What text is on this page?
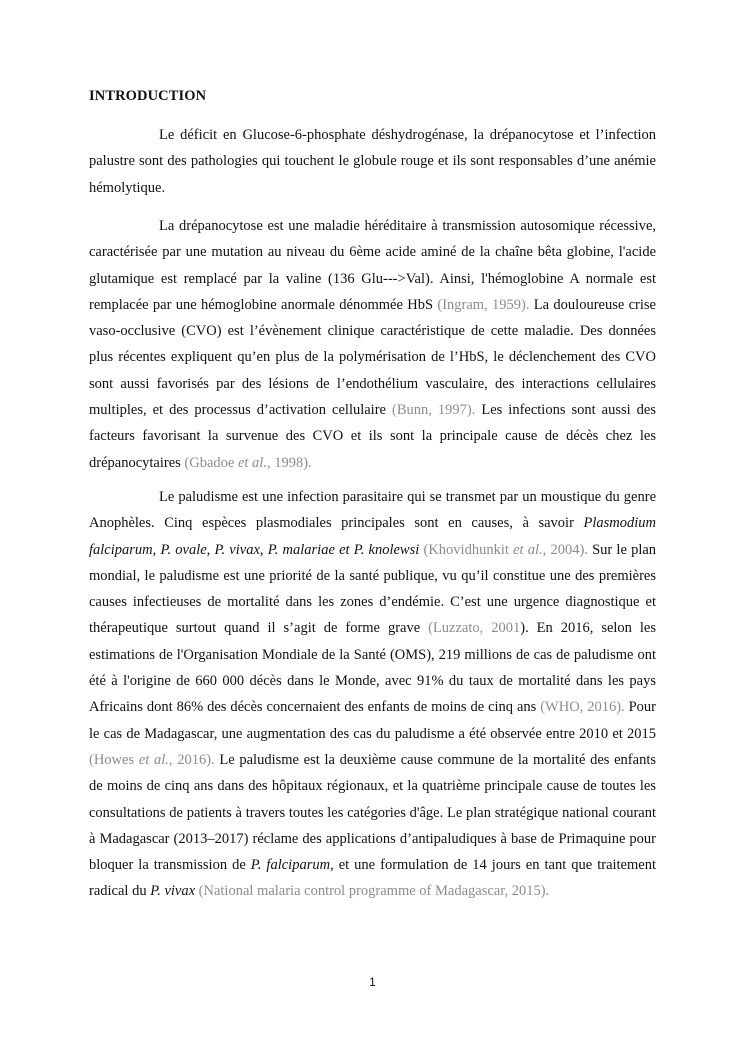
INTRODUCTION

Le déficit en Glucose-6-phosphate déshydrogénase, la drépanocytose et l’infection palustre sont des pathologies qui touchent le globule rouge et ils sont responsables d’une anémie hémolytique.

La drépanocytose est une maladie héréditaire à transmission autosomique récessive, caractérisée par une mutation au niveau du 6ème acide aminé de la chaîne bêta globine, l'acide glutamique est remplacé par la valine (136 Glu--->Val). Ainsi, l'hémoglobine A normale est remplacée par une hémoglobine anormale dénommée HbS (Ingram, 1959). La douloureuse crise vaso-occlusive (CVO) est l’évènement clinique caractéristique de cette maladie. Des données plus récentes expliquent qu’en plus de la polymérisation de l’HbS, le déclenchement des CVO sont aussi favorisés par des lésions de l’endothélium vasculaire, des interactions cellulaires multiples, et des processus d’activation cellulaire (Bunn, 1997). Les infections sont aussi des facteurs favorisant la survenue des CVO et ils sont la principale cause de décès chez les drépanocytaires (Gbadoe et al., 1998).

Le paludisme est une infection parasitaire qui se transmet par un moustique du genre Anophèles. Cinq espèces plasmodiales principales sont en causes, à savoir Plasmodium falciparum, P. ovale, P. vivax, P. malariae et P. knolewsi (Khovidhunkit et al., 2004). Sur le plan mondial, le paludisme est une priorité de la santé publique, vu qu’il constitue une des premières causes infectieuses de mortalité dans les zones d’endémie. C’est une urgence diagnostique et thérapeutique surtout quand il s’agit de forme grave (Luzzato, 2001). En 2016, selon les estimations de l'Organisation Mondiale de la Santé (OMS), 219 millions de cas de paludisme ont été à l'origine de 660 000 décès dans le Monde, avec 91% du taux de mortalité dans les pays Africains dont 86% des décès concernaient des enfants de moins de cinq ans (WHO, 2016). Pour le cas de Madagascar, une augmentation des cas du paludisme a été observée entre 2010 et 2015 (Howes et al., 2016). Le paludisme est la deuxième cause commune de la mortalité des enfants de moins de cinq ans dans des hôpitaux régionaux, et la quatrième principale cause de toutes les consultations de patients à travers toutes les catégories d'âge. Le plan stratégique national courant à Madagascar (2013–2017) réclame des applications d’antipaludiques à base de Primaquine pour bloquer la transmission de P. falciparum, et une formulation de 14 jours en tant que traitement radical du P. vivax (National malaria control programme of Madagascar, 2015).

1
